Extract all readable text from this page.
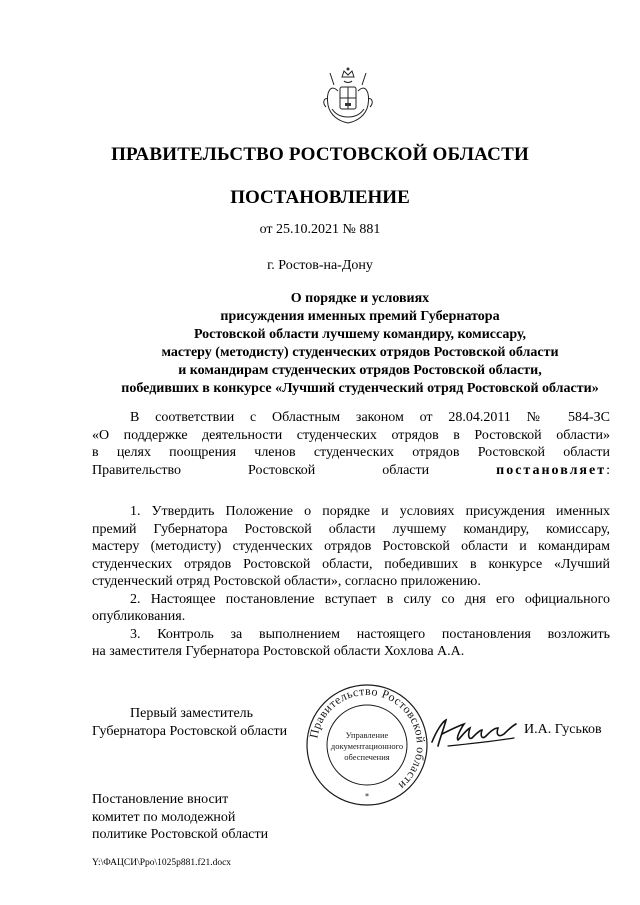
ПРАВИТЕЛЬСТВО РОСТОВСКОЙ ОБЛАСТИ
ПОСТАНОВЛЕНИЕ
от 25.10.2021 № 881
г. Ростов-на-Дону
О порядке и условиях
присуждения именных премий Губернатора
Ростовской области лучшему командиру, комиссару,
мастеру (методисту) студенческих отрядов Ростовской области
и командирам студенческих отрядов Ростовской области,
победивших в конкурсе «Лучший студенческий отряд Ростовской области»
В соответствии с Областным законом от 28.04.2011 № 584-ЗС
«О поддержке деятельности студенческих отрядов в Ростовской области»
в целях поощрения членов студенческих отрядов Ростовской области
Правительство Ростовской области постановляет:
1. Утвердить Положение о порядке и условиях присуждения именных
премий Губернатора Ростовской области лучшему командиру, комиссару,
мастеру (методисту) студенческих отрядов Ростовской области и командирам
студенческих отрядов Ростовской области, победивших в конкурсе «Лучший
студенческий отряд Ростовской области», согласно приложению.
2. Настоящее постановление вступает в силу со дня его официального
опубликования.
3. Контроль за выполнением настоящего постановления возложить
на заместителя Губернатора Ростовской области Хохлова А.А.
Первый заместитель
Губернатора Ростовской области Правительство Ростовской области
Управление
документационного
обеспечения
*
И.А. Гуськов
Постановление вносит
комитет по молодежной
политике Ростовской области
Y:\ФАЦСИ\Ppo\1025p881.f21.docx
